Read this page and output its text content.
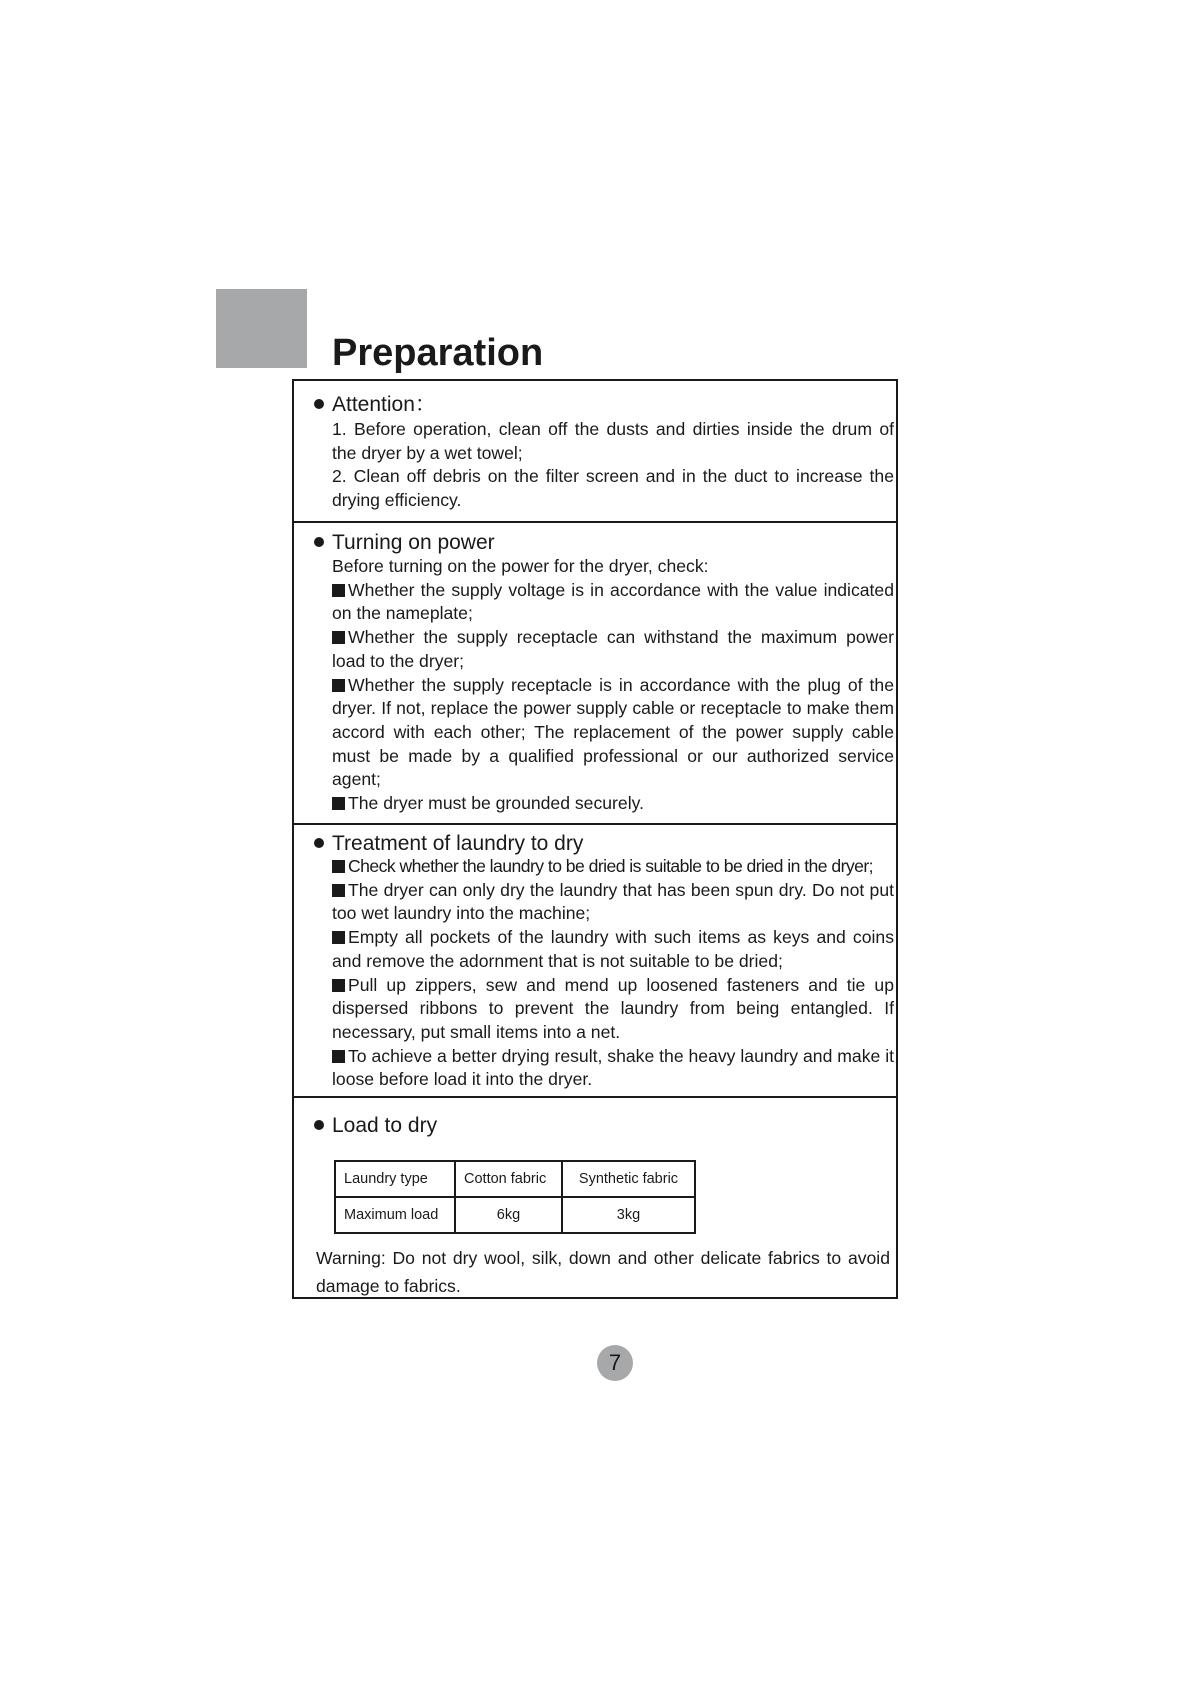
Preparation
Attention：

1. Before operation, clean off the dusts and dirties inside the drum of the dryer by a wet towel;

2. Clean off debris on the filter screen and in the duct to increase the drying efficiency.

Turning on power

Before turning on the power for the dryer, check:

Whether the supply voltage is in accordance with the value indicated on the nameplate;

Whether the supply receptacle can withstand the maximum power load to the dryer;

Whether the supply receptacle is in accordance with the plug of the dryer. If not, replace the power supply cable or receptacle to make them accord with each other; The replacement of the power supply cable must be made by a qualified professional or our authorized service agent;

The dryer must be grounded securely.

Treatment of laundry to dry

Check whether the laundry to be dried is suitable to be dried in the dryer;

The dryer can only dry the laundry that has been spun dry. Do not put too wet laundry into the machine;

Empty all pockets of the laundry with such items as keys and coins and remove the adornment that is not suitable to be dried;

Pull up zippers, sew and mend up loosened fasteners and tie up dispersed ribbons to prevent the laundry from being entangled. If necessary, put small items into a net.

To achieve a better drying result, shake the heavy laundry and make it loose before load it into the dryer.

Load to dry
Laundry type	Cotton fabric	Synthetic fabric
Maximum load	6kg	3kg

Warning: Do not dry wool, silk, down and other delicate fabrics to avoid damage to fabrics.

7
